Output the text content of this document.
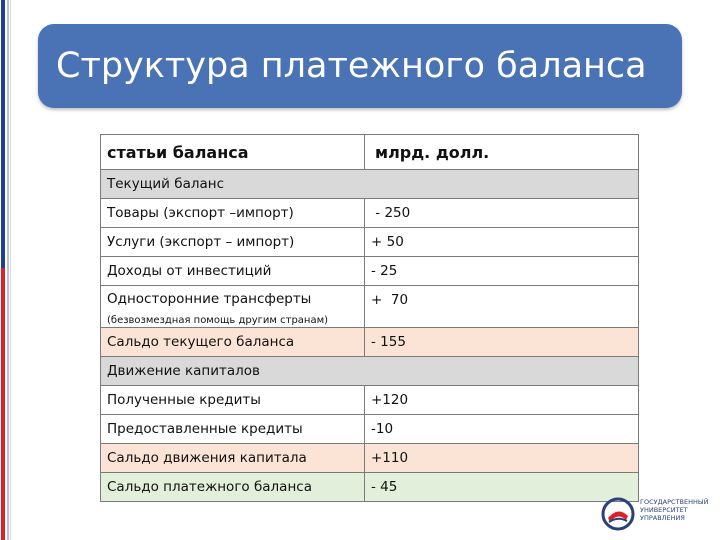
Структура платежного баланса
статьи баланса	млрд. долл.
Текущий баланс	
Товары (экспорт –импорт)	- 250
Услуги (экспорт – импорт)	+ 50
Доходы от инвестиций	- 25
Односторонние трансферты
(безвозмездная помощь другим странам)	+  70
Сальдо текущего баланса	- 155
Движение капиталов	
Полученные кредиты	+120
Предоставленные кредиты	-10
Сальдо движения капитала	+110
Сальдо платежного баланса	- 45
ГОСУДАРСТВЕННЫЙ
УНИВЕРСИТЕТ
УПРАВЛЕНИЯ
